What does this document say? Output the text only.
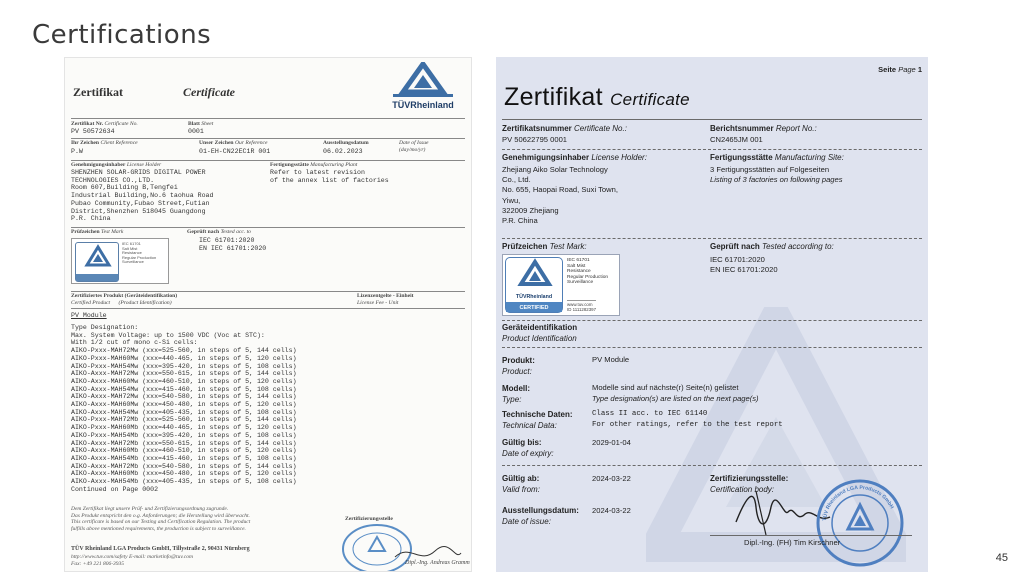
Certifications
Zertifikat	Certificate
TÜVRheinland
Zertifikat Nr. Certificate No.
PV 50572634
Blatt Sheet
0001
Ihr Zeichen Client Reference
P.W
Unser Zeichen Our Reference
01-EH-CN22EC1R 001
Ausstellungsdatum	Date of Issue
(day/mo/yr)
06.02.2023
Genehmigungsinhaber License Holder
SHENZHEN SOLAR-GRIDS DIGITAL POWER
TECHNOLOGIES CO.,LTD.
Room 607,Building B,Tengfei
Industrial Building,No.6 taohua Road
Pubao Community,Fubao Street,Futian
District,Shenzhen 518045 Guangdong
P.R. China
Fertigungsstätte Manufacturing Plant
Refer to latest revision
of the annex list of factories
Prüfzeichen Test Mark
IEC 61701
Salt Mist
Resistance
Regular Production
Surveillance
Geprüft nach Tested acc. to
IEC 61701:2020
EN IEC 61701:2020
Zertifiziertes Produkt (Geräteidentifikation)
Certified Product (Product Identification)
Lizenzentgelte - Einheit
License Fee - Unit
PV Module
Type Designation:
Max. System Voltage: up to 1500 VDC (Voc at STC):
With 1/2 cut of mono c-Si cells:
AIKO-Pxxx-MAH72Mw (xxx=525-560, in steps of 5, 144 cells)
AIKO-Pxxx-MAH60Mw (xxx=440-465, in steps of 5, 120 cells)
AIKO-Pxxx-MAH54Mw (xxx=395-420, in steps of 5, 108 cells)
AIKO-Axxx-MAH72Mw (xxx=550-615, in steps of 5, 144 cells)
AIKO-Axxx-MAH60Mw (xxx=460-510, in steps of 5, 120 cells)
AIKO-Axxx-MAH54Mw (xxx=415-460, in steps of 5, 108 cells)
AIKO-Axxx-MAH72Mw (xxx=540-580, in steps of 5, 144 cells)
AIKO-Axxx-MAH60Mw (xxx=450-480, in steps of 5, 120 cells)
AIKO-Axxx-MAH54Mw (xxx=405-435, in steps of 5, 108 cells)
AIKO-Pxxx-MAH72Mb (xxx=525-560, in steps of 5, 144 cells)
AIKO-Pxxx-MAH60Mb (xxx=440-465, in steps of 5, 120 cells)
AIKO-Pxxx-MAH54Mb (xxx=395-420, in steps of 5, 108 cells)
AIKO-Axxx-MAH72Mb (xxx=550-615, in steps of 5, 144 cells)
AIKO-Axxx-MAH60Mb (xxx=460-510, in steps of 5, 120 cells)
AIKO-Axxx-MAH54Mb (xxx=415-460, in steps of 5, 108 cells)
AIKO-Axxx-MAH72Mb (xxx=540-580, in steps of 5, 144 cells)
AIKO-Axxx-MAH60Mb (xxx=450-480, in steps of 5, 120 cells)
AIKO-Axxx-MAH54Mb (xxx=405-435, in steps of 5, 108 cells)
Continued on Page 0002
Dem Zertifikat liegt unsere Prüf- und Zertifizierungsordnung zugrunde.
Das Produkt entspricht den o.g. Anforderungen; die Herstellung wird überwacht.
This certificate is based on our Testing and Certification Regulation. The product
fulfills above mentioned requirements, the production is subject to surveillance.
Zertifizierungsstelle
TÜV Rheinland LGA Products GmbH, Tillystraße 2, 90431 Nürnberg
http://www.tuv.com/safety E-mail: marketinfo@tuv.com
Fax: +49 221 806-3935	Dipl.-Ing. Andreas Gramm
Seite Page 1
Zertifikat Certificate
Zertifikatsnummer Certificate No.:
PV 50622795 0001
Berichtsnummer Report No.:
CN2465JM 001
Genehmigungsinhaber License Holder:
Zhejiang Aiko Solar Technology
Co., Ltd.
No. 655, Haopai Road, Suxi Town,
Yiwu,
322009 Zhejiang
P.R. China
Fertigungsstätte Manufacturing Site:
3 Fertigungsstätten auf Folgeseiten
Listing of 3 factories on following pages
Prüfzeichen Test Mark:
TÜVRheinland
CERTIFIED
IEC 61701
Salt Mist
Resistance
Regular Production
Surveillance
www.tuv.com
ID 1111282397
Geprüft nach Tested according to:
IEC 61701:2020
EN IEC 61701:2020
Geräteidentifikation
Product Identification
Produkt:
Product:
PV Module
Modell:
Type:
Modelle sind auf nächste(r) Seite(n) gelistet
Type designation(s) are listed on the next page(s)
Technische Daten:
Technical Data:
Class II acc. to IEC 61140
For other ratings, refer to the test report
Gültig bis:
Date of expiry:
2029-01-04
Gültig ab:
Valid from:
2024-03-22
Ausstellungsdatum:
Date of issue:
2024-03-22
Zertifizierungsstelle:
Certification body:
TÜV Rheinland LGA Products GmbH
Dipl.-Ing. (FH) Tim Kirschner
45
